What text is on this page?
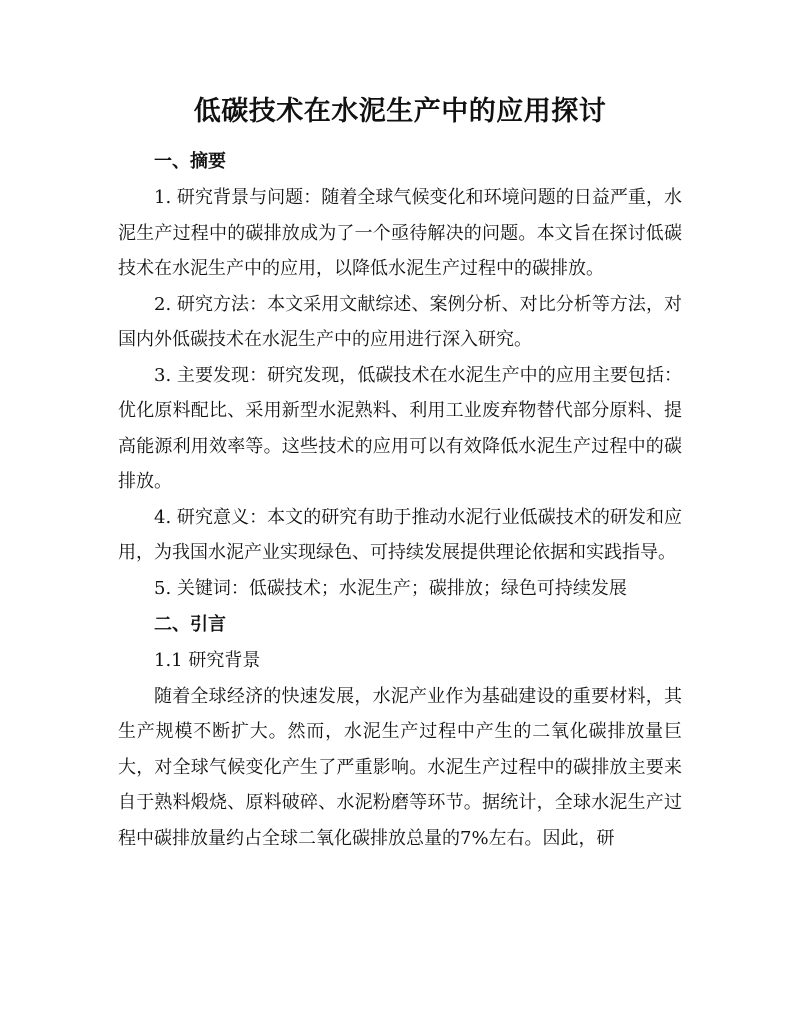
低碳技术在水泥生产中的应用探讨
一、摘要

1. 研究背景与问题：随着全球气候变化和环境问题的日益严重，水泥生产过程中的碳排放成为了一个亟待解决的问题。本文旨在探讨低碳技术在水泥生产中的应用，以降低水泥生产过程中的碳排放。

2. 研究方法：本文采用文献综述、案例分析、对比分析等方法，对国内外低碳技术在水泥生产中的应用进行深入研究。

3. 主要发现：研究发现，低碳技术在水泥生产中的应用主要包括：优化原料配比、采用新型水泥熟料、利用工业废弃物替代部分原料、提高能源利用效率等。这些技术的应用可以有效降低水泥生产过程中的碳排放。

4. 研究意义：本文的研究有助于推动水泥行业低碳技术的研发和应用，为我国水泥产业实现绿色、可持续发展提供理论依据和实践指导。

5. 关键词：低碳技术；水泥生产；碳排放；绿色可持续发展

二、引言

1.1 研究背景

随着全球经济的快速发展，水泥产业作为基础建设的重要材料，其生产规模不断扩大。然而，水泥生产过程中产生的二氧化碳排放量巨大，对全球气候变化产生了严重影响。水泥生产过程中的碳排放主要来自于熟料煅烧、原料破碎、水泥粉磨等环节。据统计，全球水泥生产过程中碳排放量约占全球二氧化碳排放总量的7%左右。因此，研
